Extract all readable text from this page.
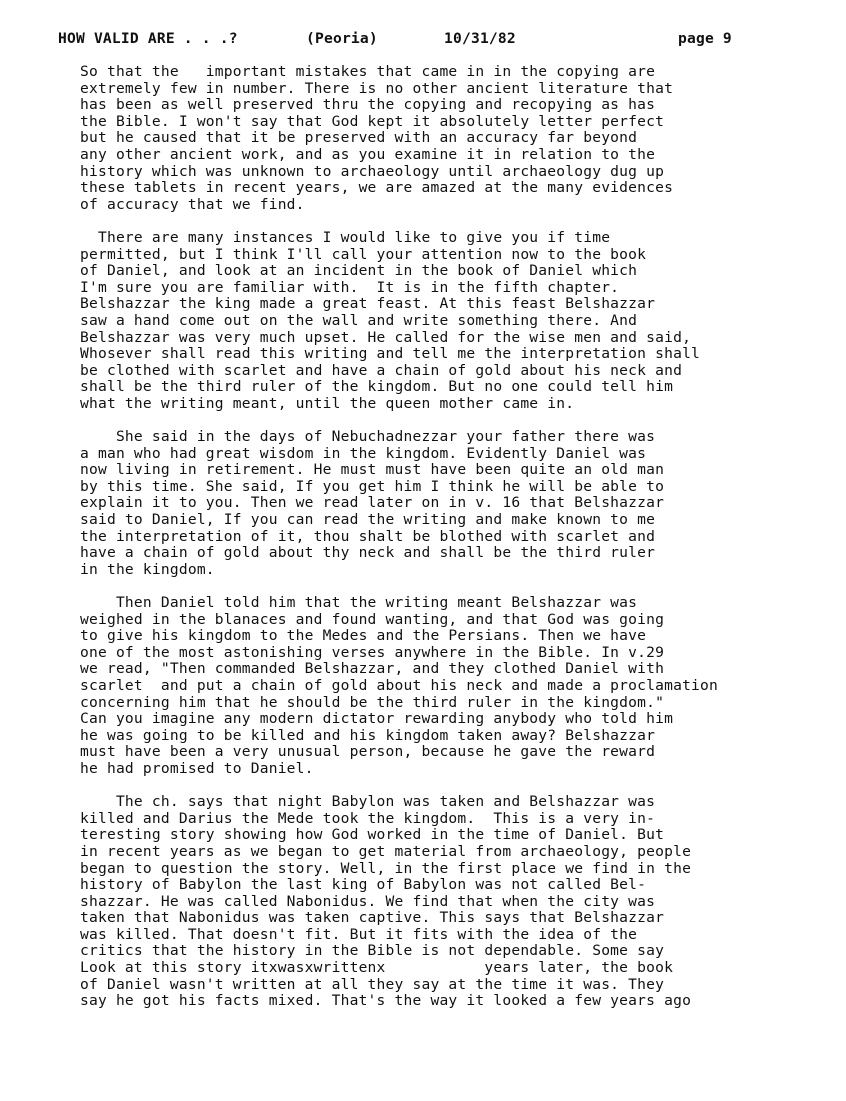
HOW VALID ARE . . .?

	(Peoria)

	10/31/82

	page 9

So that the   important mistakes that came in in the copying are
extremely few in number. There is no other ancient literature that
has been as well preserved thru the copying and recopying as has
the Bible. I won't say that God kept it absolutely letter perfect
but he caused that it be preserved with an accuracy far beyond
any other ancient work, and as you examine it in relation to the
history which was unknown to archaeology until archaeology dug up
these tablets in recent years, we are amazed at the many evidences
of accuracy that we find.
There are many instances I would like to give you if time
permitted, but I think I'll call your attention now to the book
of Daniel, and look at an incident in the book of Daniel which
I'm sure you are familiar with.  It is in the fifth chapter.
Belshazzar the king made a great feast. At this feast Belshazzar
saw a hand come out on the wall and write something there. And
Belshazzar was very much upset. He called for the wise men and said,
Whosever shall read this writing and tell me the interpretation shall
be clothed with scarlet and have a chain of gold about his neck and
shall be the third ruler of the kingdom. But no one could tell him
what the writing meant, until the queen mother came in.
She said in the days of Nebuchadnezzar your father there was
a man who had great wisdom in the kingdom. Evidently Daniel was
now living in retirement. He must must have been quite an old man
by this time. She said, If you get him I think he will be able to
explain it to you. Then we read later on in v. 16 that Belshazzar
said to Daniel, If you can read the writing and make known to me
the interpretation of it, thou shalt be blothed with scarlet and
have a chain of gold about thy neck and shall be the third ruler
in the kingdom.
Then Daniel told him that the writing meant Belshazzar was
weighed in the blanaces and found wanting, and that God was going
to give his kingdom to the Medes and the Persians. Then we have
one of the most astonishing verses anywhere in the Bible. In v.29
we read, "Then commanded Belshazzar, and they clothed Daniel with
scarlet  and put a chain of gold about his neck and made a proclamation
concerning him that he should be the third ruler in the kingdom."
Can you imagine any modern dictator rewarding anybody who told him
he was going to be killed and his kingdom taken away? Belshazzar
must have been a very unusual person, because he gave the reward
he had promised to Daniel.
The ch. says that night Babylon was taken and Belshazzar was
killed and Darius the Mede took the kingdom.  This is a very in-
teresting story showing how God worked in the time of Daniel. But
in recent years as we began to get material from archaeology, people
began to question the story. Well, in the first place we find in the
history of Babylon the last king of Babylon was not called Bel-
shazzar. He was called Nabonidus. We find that when the city was
taken that Nabonidus was taken captive. This says that Belshazzar
was killed. That doesn't fit. But it fits with the idea of the
critics that the history in the Bible is not dependable. Some say
Look at this story itxwasxwrittenx           years later, the book
of Daniel wasn't written at all they say at the time it was. They
say he got his facts mixed. That's the way it looked a few years ago
